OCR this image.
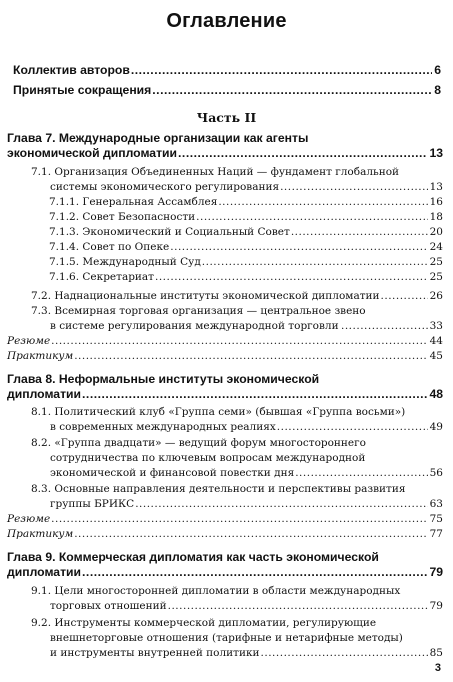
Оглавление
Коллектив авторов .....	6
Принятые сокращения .....	8
Часть II
Глава 7. Международные организации как агенты
экономической дипломатии .....	13
7.1. Организация Объединенных Наций — фундамент глобальной
системы экономического регулирования .....	13
7.1.1. Генеральная Ассамблея .....	16
7.1.2. Совет Безопасности .....	18
7.1.3. Экономический и Социальный Совет .....	20
7.1.4. Совет по Опеке .....	24
7.1.5. Международный Суд .....	25
7.1.6. Секретариат .....	25
7.2. Наднациональные институты экономической дипломатии .....	26
7.3. Всемирная торговая организация — центральное звено
в системе регулирования международной торговли .....	33
Резюме .....	44
Практикум .....	45
Глава 8. Неформальные институты экономической
дипломатии .....	48
8.1. Политический клуб «Группа семи» (бывшая «Группа восьми»)
в современных международных реалиях .....	49
8.2. «Группа двадцати» — ведущий форум многостороннего
сотрудничества по ключевым вопросам международной
экономической и финансовой повестки дня .....	56
8.3. Основные направления деятельности и перспективы развития
группы БРИКС .....	63
Резюме .....	75
Практикум .....	77
Глава 9. Коммерческая дипломатия как часть экономической
дипломатии .....	79
9.1. Цели многосторонней дипломатии в области международных
торговых отношений .....	79
9.2. Инструменты коммерческой дипломатии, регулирующие
внешнеторговые отношения (тарифные и нетарифные методы)
и инструменты внутренней политики .....	85
3
